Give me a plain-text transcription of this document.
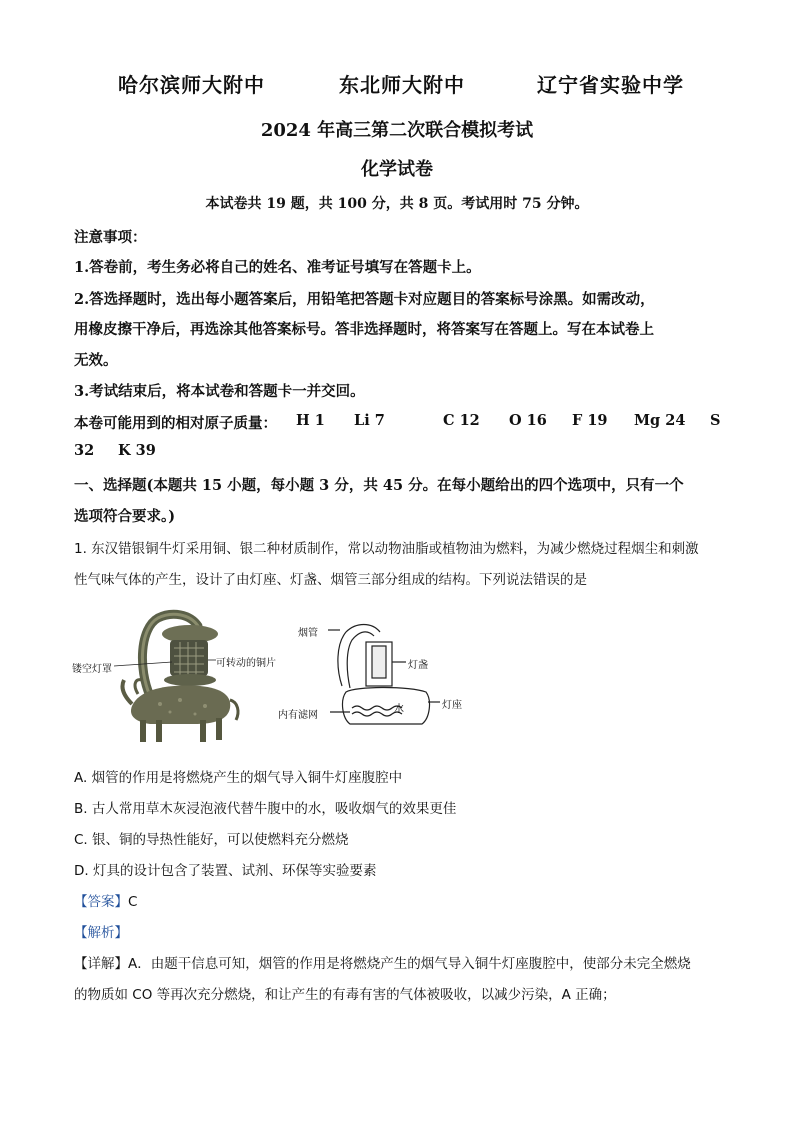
哈尔滨师大附中	东北师大附中	辽宁省实验中学
2024 年高三第二次联合模拟考试
化学试卷
本试卷共 19 题，共 100 分，共 8 页。考试用时 75 分钟。
注意事项：
1.答卷前，考生务必将自己的姓名、准考证号填写在答题卡上。
2.答选择题时，选出每小题答案后，用铅笔把答题卡对应题目的答案标号涂黑。如需改动，
用橡皮擦干净后，再选涂其他答案标号。答非选择题时，将答案写在答题上。写在本试卷上
无效。
3.考试结束后，将本试卷和答题卡一并交回。
本卷可能用到的相对原子质量： H 1 Li 7	C 12 O 16 F 19 Mg 24 S
32 K 39
一、选择题(本题共 15 小题，每小题 3 分，共 45 分。在每小题给出的四个选项中，只有一个
选项符合要求。)
1. 东汉错银铜牛灯采用铜、银二种材质制作，常以动物油脂或植物油为燃料，为减少燃烧过程烟尘和刺激
性气味气体的产生，设计了由灯座、灯盏、烟管三部分组成的结构。下列说法错误的是
镂空灯罩
可转动的铜片
烟管
灯盏
灯座
内有滤网
水
A. 烟管的作用是将燃烧产生的烟气导入铜牛灯座腹腔中
B. 古人常用草木灰浸泡液代替牛腹中的水，吸收烟气的效果更佳
C. 银、铜的导热性能好，可以使燃料充分燃烧
D. 灯具的设计包含了装置、试剂、环保等实验要素
【答案】C
【解析】
【详解】A．由题干信息可知，烟管的作用是将燃烧产生的烟气导入铜牛灯座腹腔中，使部分未完全燃烧
的物质如 CO 等再次充分燃烧，和让产生的有毒有害的气体被吸收，以减少污染，A 正确；
